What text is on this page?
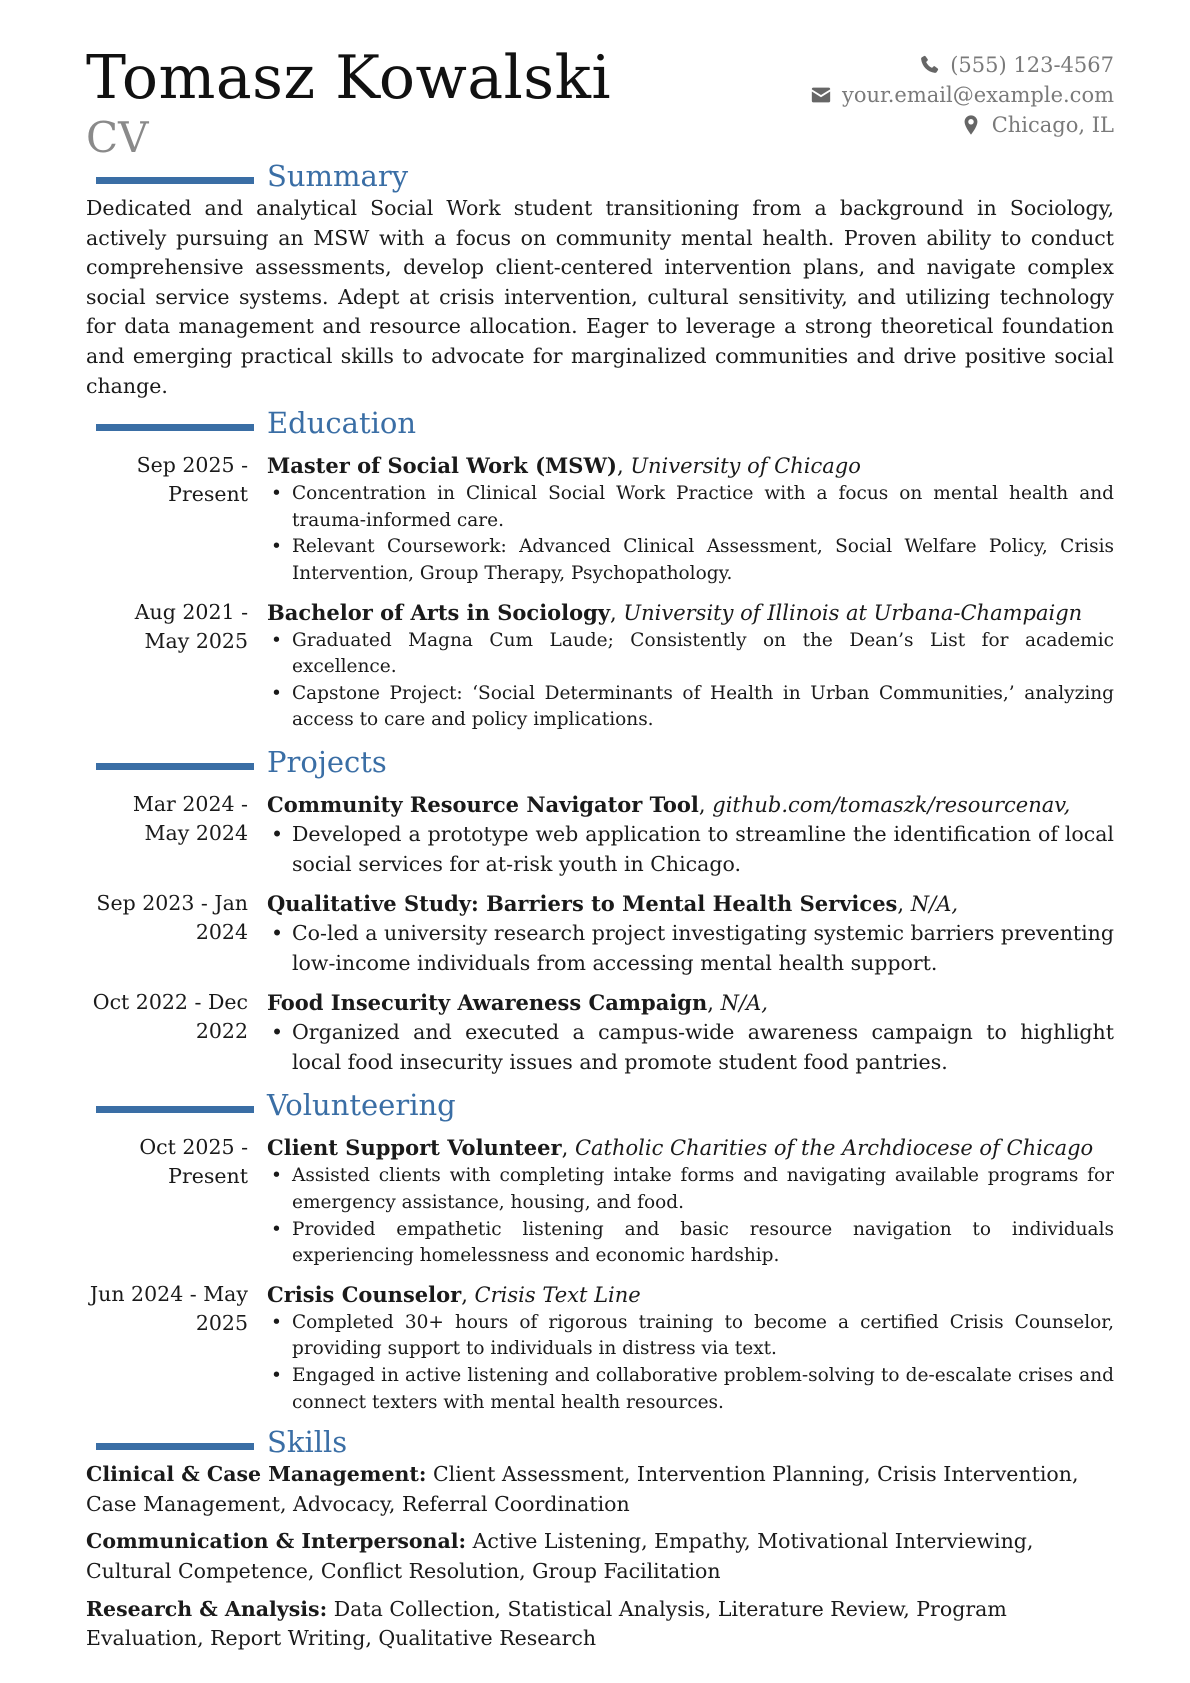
Tomasz Kowalski
CV
(555) 123-4567
your.email@example.com
Chicago, IL
Summary

Dedicated and analytical Social Work student transitioning from a background in Sociology, actively pursuing an MSW with a focus on community mental health. Proven ability to conduct comprehensive assessments, develop client-centered intervention plans, and navigate complex social service systems. Adept at crisis intervention, cultural sensitivity, and utilizing technology for data management and resource allocation. Eager to leverage a strong theoretical foundation and emerging practical skills to advocate for marginalized communities and drive positive social change.

Education
Sep 2025 - Present
Master of Social Work (MSW), University of Chicago
• Concentration in Clinical Social Work Practice with a focus on mental health and trauma-informed care.
• Relevant Coursework: Advanced Clinical Assessment, Social Welfare Policy, Crisis Intervention, Group Therapy, Psychopathology.
Aug 2021 - May 2025
Bachelor of Arts in Sociology, University of Illinois at Urbana-Champaign
• Graduated Magna Cum Laude; Consistently on the Dean’s List for academic excellence.
• Capstone Project: ‘Social Determinants of Health in Urban Communities,’ analyzing access to care and policy implications.
Projects
Mar 2024 - May 2024
Community Resource Navigator Tool, github.com/tomaszk/resourcenav,
• Developed a prototype web application to streamline the identification of local social services for at-risk youth in Chicago.
Sep 2023 - Jan 2024
Qualitative Study: Barriers to Mental Health Services, N/A,
• Co-led a university research project investigating systemic barriers preventing low-income individuals from accessing mental health support.
Oct 2022 - Dec 2022
Food Insecurity Awareness Campaign, N/A,
• Organized and executed a campus-wide awareness campaign to highlight local food insecurity issues and promote student food pantries.
Volunteering
Oct 2025 - Present
Client Support Volunteer, Catholic Charities of the Archdiocese of Chicago
• Assisted clients with completing intake forms and navigating available programs for emergency assistance, housing, and food.
• Provided empathetic listening and basic resource navigation to individuals experiencing homelessness and economic hardship.
Jun 2024 - May 2025
Crisis Counselor, Crisis Text Line
• Completed 30+ hours of rigorous training to become a certified Crisis Counselor, providing support to individuals in distress via text.
• Engaged in active listening and collaborative problem-solving to de-escalate crises and connect texters with mental health resources.
Skills
Clinical & Case Management: Client Assessment, Intervention Planning, Crisis Intervention, Case Management, Advocacy, Referral Coordination
Communication & Interpersonal: Active Listening, Empathy, Motivational Interviewing, Cultural Competence, Conflict Resolution, Group Facilitation
Research & Analysis: Data Collection, Statistical Analysis, Literature Review, Program Evaluation, Report Writing, Qualitative Research
